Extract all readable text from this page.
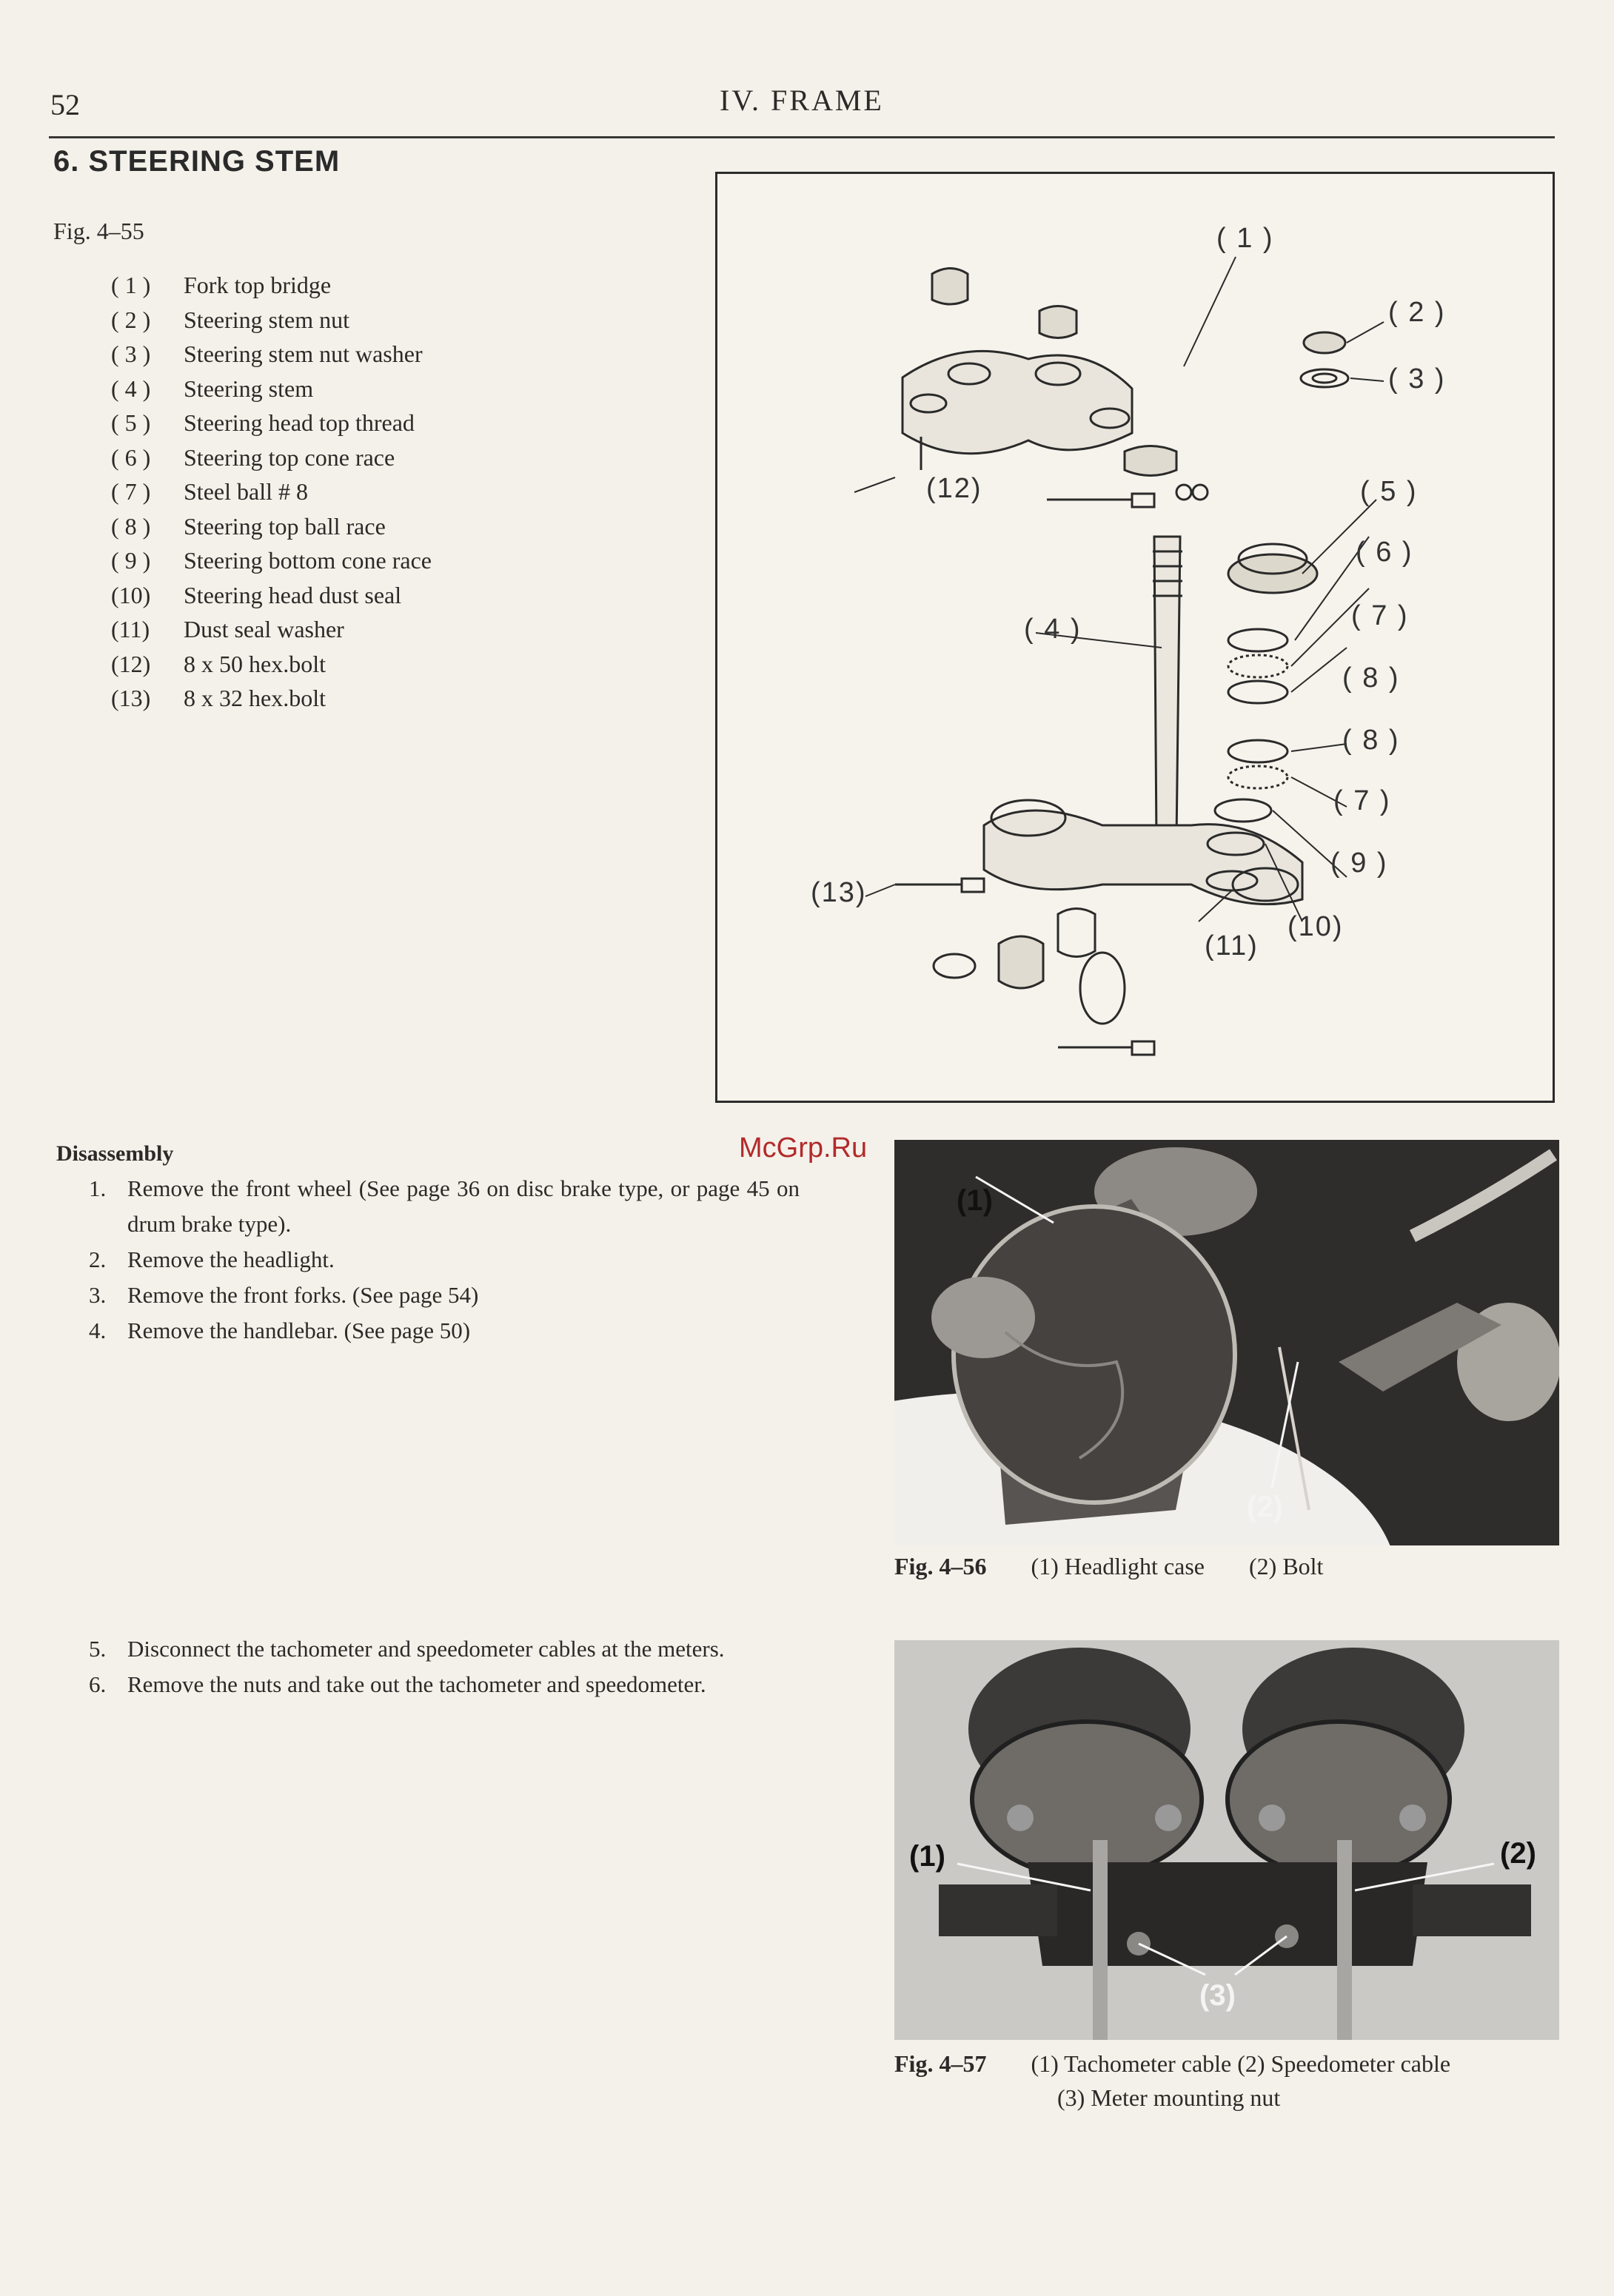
52	IV. FRAME
6. STEERING STEM
Fig. 4–55
( 1 )	Fork top bridge
( 2 )	Steering stem nut
( 3 )	Steering stem nut washer
( 4 )	Steering stem
( 5 )	Steering head top thread
( 6 )	Steering top cone race
( 7 )	Steel ball # 8
( 8 )	Steering top ball race
( 9 )	Steering bottom cone race
(10)	Steering head dust seal
(11)	Dust seal washer
(12)	8 x 50 hex.bolt
(13)	8 x 32 hex.bolt
( 1 )
( 2 )
( 3 )
( 4 )
( 5 )
( 6 )
( 7 )
( 8 )
( 8 )
( 7 )
( 9 )
(10)
(11)
(12)
(13)
Disassembly
1. Remove the front wheel (See page 36 on disc brake type, or page 45 on drum brake type).
2. Remove the headlight.
3. Remove the front forks. (See page 54)
4. Remove the handlebar. (See page 50)
5. Disconnect the tachometer and speedometer cables at the meters.
6. Remove the nuts and take out the tachometer and speedometer.
McGrp.Ru
(1)
(2)
Fig. 4–56 (1) Headlight case (2) Bolt
(1)	(2)
(3)
Fig. 4–57 (1) Tachometer cable (2) Speedometer cable
(3) Meter mounting nut
